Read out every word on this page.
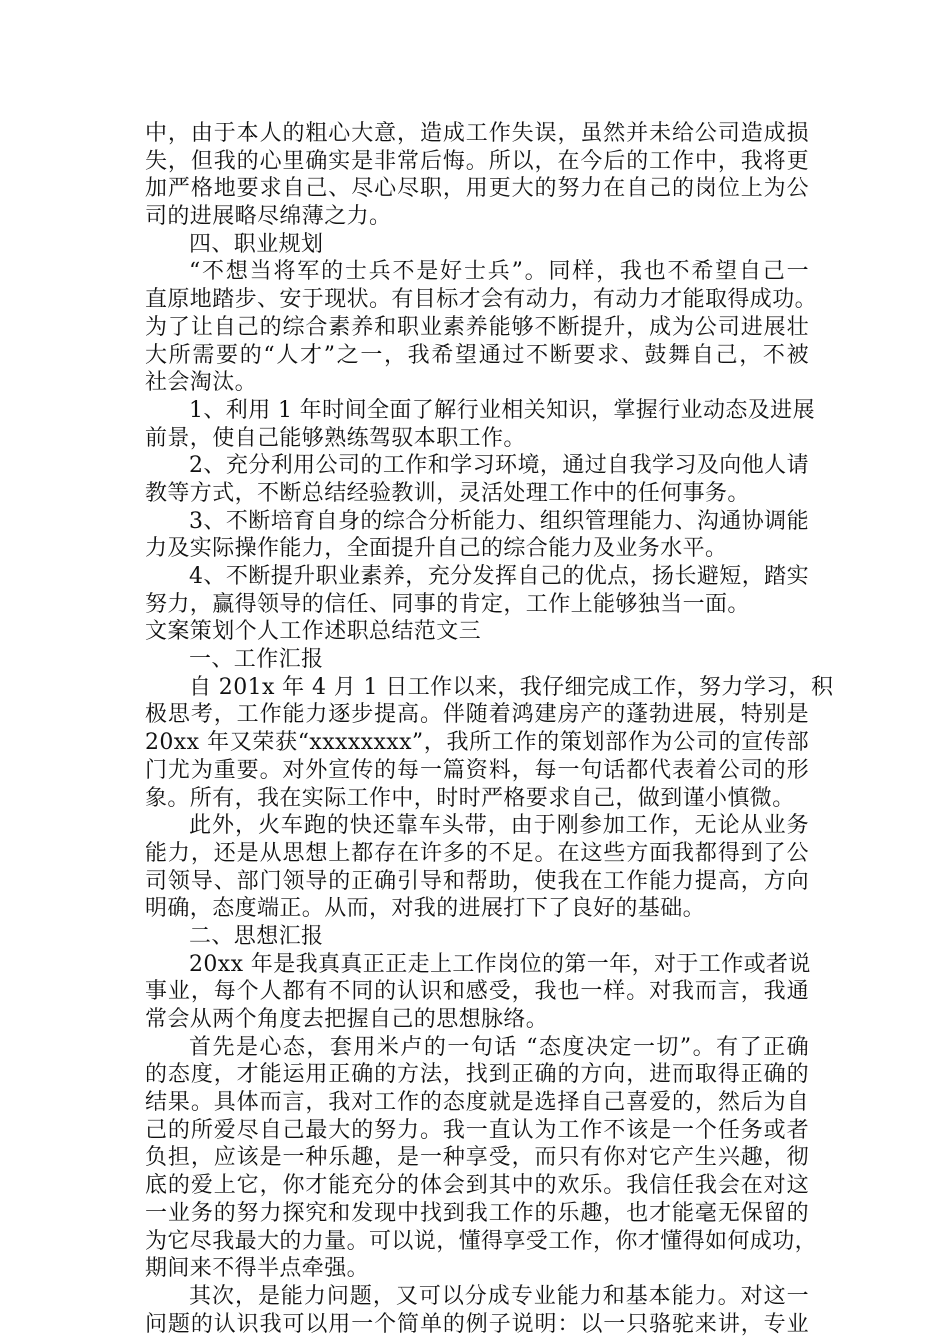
中，由于本人的粗心大意，造成工作失误，虽然并未给公司造成损
失，但我的心里确实是非常后悔。所以，在今后的工作中，我将更
加严格地要求自己、尽心尽职，用更大的努力在自己的岗位上为公
司的进展略尽绵薄之力。
四、职业规划
“不想当将军的士兵不是好士兵”。同样，我也不希望自己一
直原地踏步、安于现状。有目标才会有动力，有动力才能取得成功。
为了让自己的综合素养和职业素养能够不断提升，成为公司进展壮
大所需要的“人才”之一，我希望通过不断要求、鼓舞自己，不被
社会淘汰。
1、利用 1 年时间全面了解行业相关知识，掌握行业动态及进展
前景，使自己能够熟练驾驭本职工作。
2、充分利用公司的工作和学习环境，通过自我学习及向他人请
教等方式，不断总结经验教训，灵活处理工作中的任何事务。
3、不断培育自身的综合分析能力、组织管理能力、沟通协调能
力及实际操作能力，全面提升自己的综合能力及业务水平。
4、不断提升职业素养，充分发挥自己的优点，扬长避短，踏实
努力，赢得领导的信任、同事的肯定，工作上能够独当一面。
文案策划个人工作述职总结范文三
一、工作汇报
自 201x 年 4 月 1 日工作以来，我仔细完成工作，努力学习，积
极思考，工作能力逐步提高。伴随着鸿建房产的蓬勃进展，特别是
20xx 年又荣获“xxxxxxxx”，我所工作的策划部作为公司的宣传部
门尤为重要。对外宣传的每一篇资料，每一句话都代表着公司的形
象。所有，我在实际工作中，时时严格要求自己，做到谨小慎微。
此外，火车跑的快还靠车头带，由于刚参加工作，无论从业务
能力，还是从思想上都存在许多的不足。在这些方面我都得到了公
司领导、部门领导的正确引导和帮助，使我在工作能力提高，方向
明确，态度端正。从而，对我的进展打下了良好的基础。
二、思想汇报
20xx 年是我真真正正走上工作岗位的第一年，对于工作或者说
事业，每个人都有不同的认识和感受，我也一样。对我而言，我通
常会从两个角度去把握自己的思想脉络。
首先是心态，套用米卢的一句话 “态度决定一切”。有了正确
的态度，才能运用正确的方法，找到正确的方向，进而取得正确的
结果。具体而言，我对工作的态度就是选择自己喜爱的，然后为自
己的所爱尽自己最大的努力。我一直认为工作不该是一个任务或者
负担，应该是一种乐趣，是一种享受，而只有你对它产生兴趣，彻
底的爱上它，你才能充分的体会到其中的欢乐。我信任我会在对这
一业务的努力探究和发现中找到我工作的乐趣，也才能毫无保留的
为它尽我最大的力量。可以说，懂得享受工作，你才懂得如何成功，
期间来不得半点牵强。
其次，是能力问题，又可以分成专业能力和基本能力。对这一
问题的认识我可以用一个简单的例子说明：以一只骆驼来讲，专业
